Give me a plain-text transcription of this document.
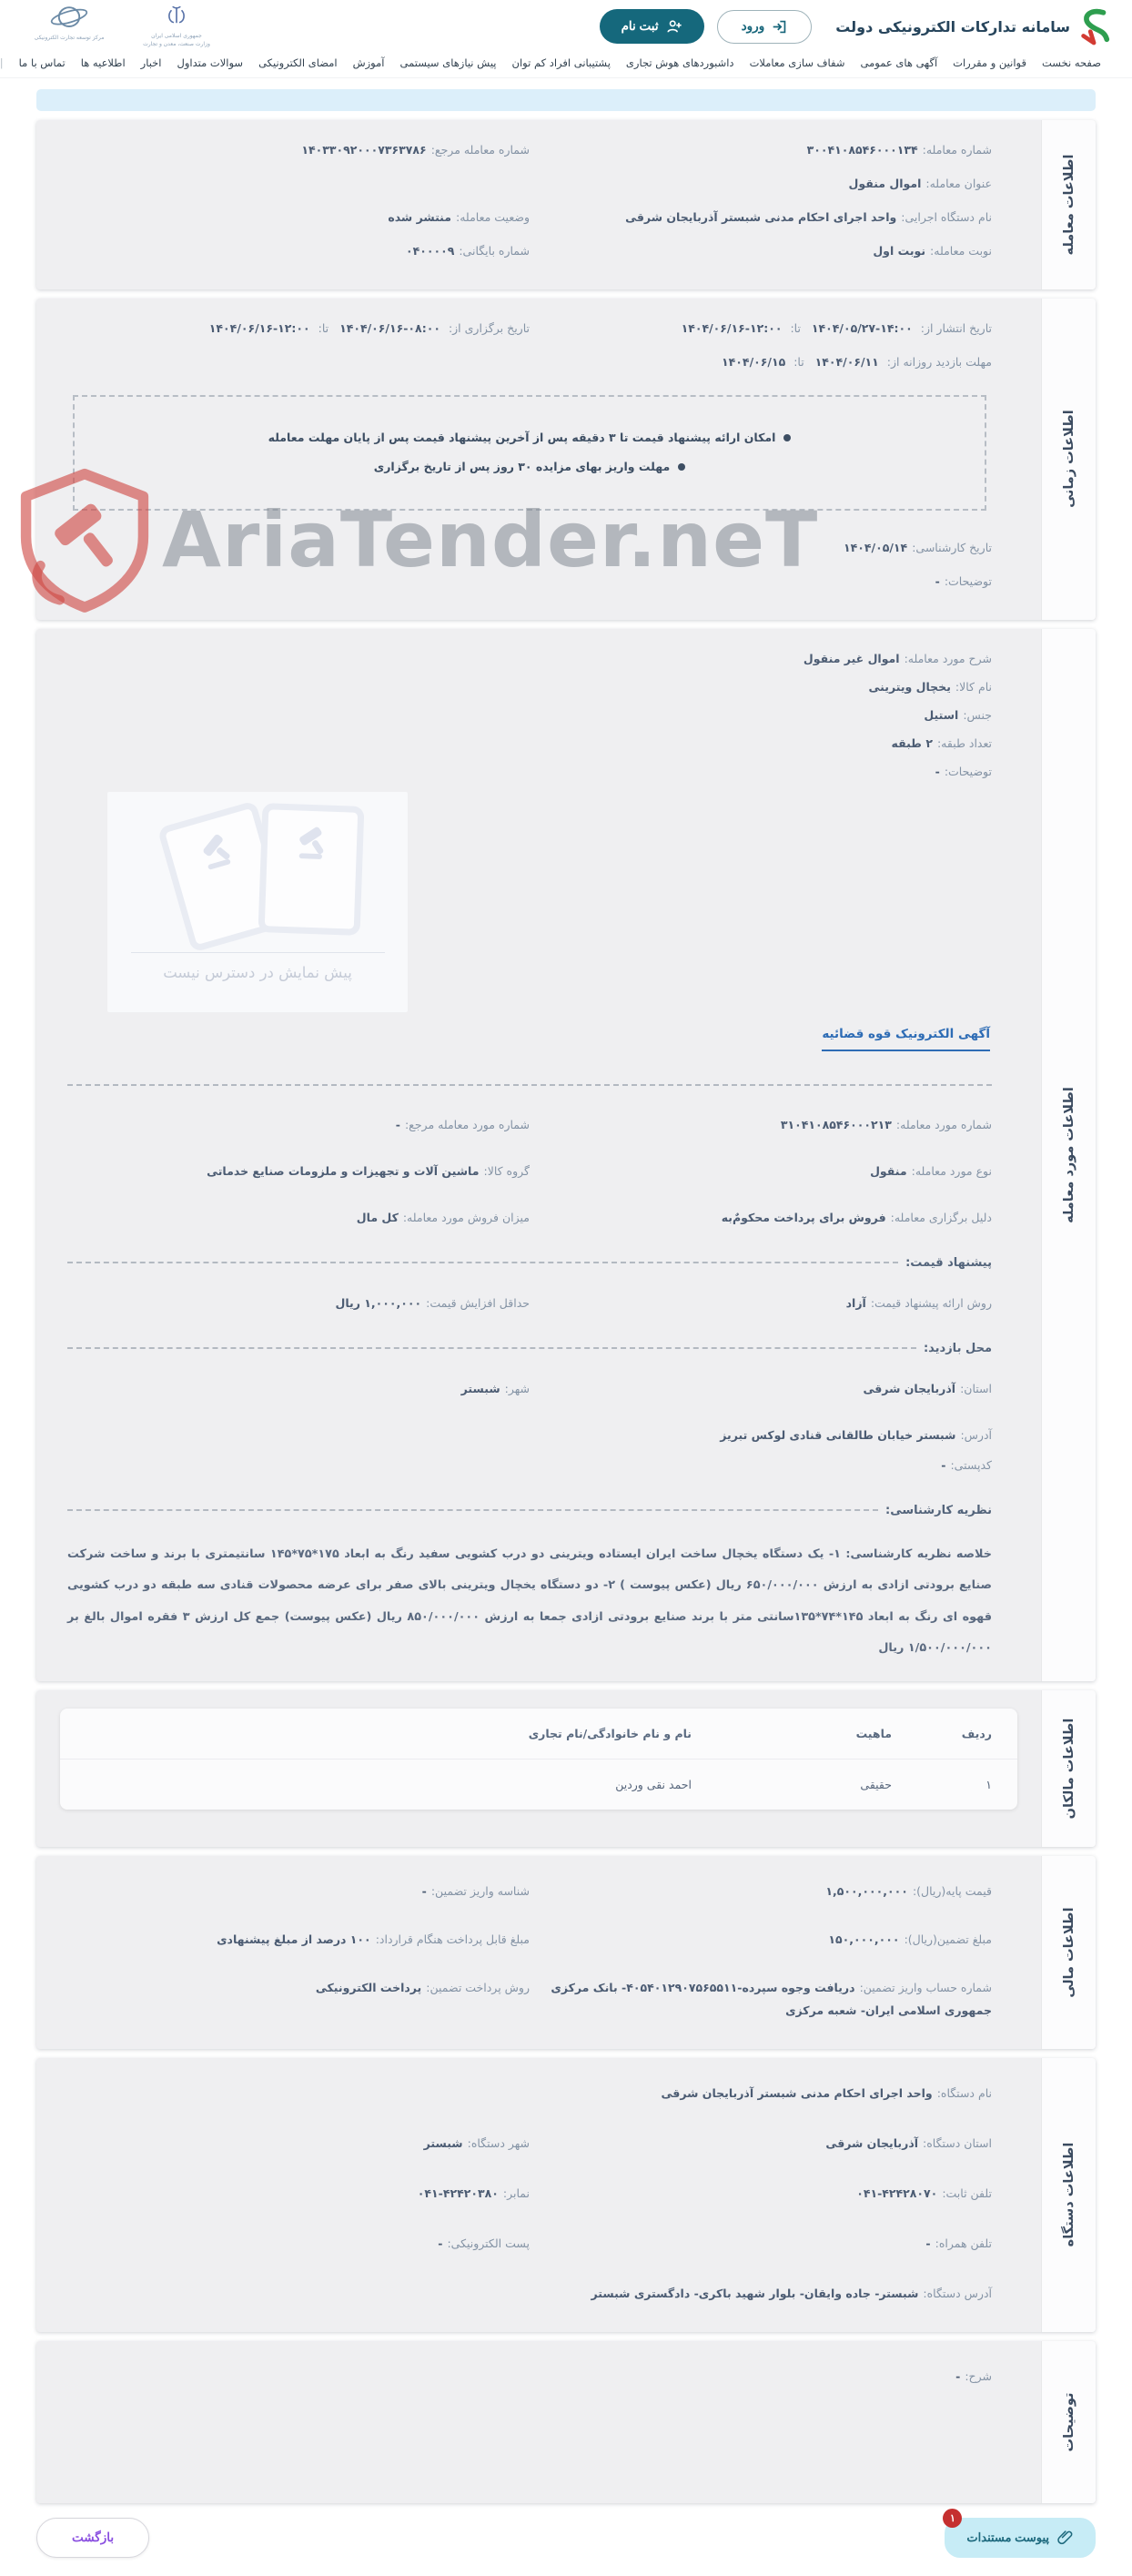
AriaTender.neT
سامانه تدارکات الکترونیکی دولت
ورود
ثبت نام
جمهوری اسلامی ایران
وزارت صنعت، معدن و تجارت
مرکز توسعه تجارت الکترونیکی
صفحه نخست
قوانین و مقررات
آگهی های عمومی
شفاف سازی معاملات
داشبوردهای هوش تجاری
پشتیبانی افراد کم توان
پیش نیازهای سیستمی
آموزش
امضای الکترونیکی
سوالات متداول
اخبار
اطلاعیه ها
تماس با ما
|
اطلاعات معامله
شماره معامله:۳۰۰۴۱۰۸۵۴۶۰۰۰۱۳۴
شماره معامله مرجع:۱۴۰۳۳۰۹۲۰۰۰۷۳۶۳۷۸۶
عنوان معامله:اموال منقول
نام دستگاه اجرایی:واحد اجرای احکام مدنی شبستر آذربایجان شرقی
وضعیت معامله:منتشر شده
نوبت معامله:نوبت اول
شماره بایگانی:۰۴۰۰۰۰۹
اطلاعات زمانی
تاریخ انتشار از: ۱۴۰۴/۰۵/۲۷-۱۴:۰۰   تا: ۱۴۰۴/۰۶/۱۶-۱۲:۰۰
تاریخ برگزاری از: ۱۴۰۴/۰۶/۱۶-۰۸:۰۰   تا: ۱۴۰۴/۰۶/۱۶-۱۲:۰۰
مهلت بازدید روزانه از: ۱۴۰۴/۰۶/۱۱   تا: ۱۴۰۴/۰۶/۱۵
امکان ارائه پیشنهاد قیمت تا ۳ دقیقه پس از آخرین پیشنهاد قیمت پس از پایان مهلت معامله
مهلت واریز بهای مزایده ۳۰ روز پس از تاریخ برگزاری
تاریخ کارشناسی:۱۴۰۴/۰۵/۱۴
توضیحات:-
اطلاعات مورد معامله
شرح مورد معامله:اموال غیر منقول
نام کالا:یخچال ویترینی
جنس:استیل
تعداد طبقه:۲ طبقه
توضیحات:-
پیش نمایش در دسترس نیست
آگهی الکترونیک قوه قضائیه
شماره مورد معامله:۳۱۰۴۱۰۸۵۴۶۰۰۰۲۱۳
شماره مورد معامله مرجع:-
نوع مورد معامله:منقول
گروه کالا:ماشین آلات و تجهیزات و ملزومات صنایع خدماتی
دلیل برگزاری معامله:فروش برای پرداخت محکومٌ‌به
میزان فروش مورد معامله:کل مال
پیشنهاد قیمت:
روش ارائه پیشنهاد قیمت:آزاد
حداقل افزایش قیمت:۱,۰۰۰,۰۰۰ ریال
محل بازدید:
استان:آذربایجان شرقی
شهر:شبستر
آدرس:شبستر خیابان طالقانی قنادی لوکس تبریز
کدپستی:-
نظریه کارشناسی:

خلاصه نظریه کارشناسی: ۱- یک دستگاه یخچال ساخت ایران ایستاده ویترینی دو درب کشویی سفید رنگ به ابعاد ۱۷۵*۷۵*۱۴۵ سانتیمتری با برند و ساخت شرکت صنایع برودتی ازادی به ارزش ۶۵۰/۰۰۰/۰۰۰ ریال (عکس پیوست ) ۲- دو دستگاه یخچال ویترینی بالای صفر برای عرضه محصولات قنادی سه طبقه دو درب کشویی قهوه ای رنگ به ابعاد ۱۴۵*۷۴*۱۳۵سانتی متر با برند صنایع برودتی ازادی جمعا به ارزش ۸۵۰/۰۰۰/۰۰۰ ریال (عکس پیوست) جمع کل ارزش ۳ فقره اموال بالغ بر ۱/۵۰۰/۰۰۰/۰۰۰ ریال

اطلاعات مالکان
ردیف
ماهیت
نام و نام خانوادگی/نام تجاری
۱
حقیقی
احمد نقی وردین
اطلاعات مالی
قیمت پایه(ریال):۱,۵۰۰,۰۰۰,۰۰۰
شناسه واریز تضمین:-
مبلغ تضمین(ریال):۱۵۰,۰۰۰,۰۰۰
مبلغ قابل پرداخت هنگام قرارداد:۱۰۰ درصد از مبلغ پیشنهادی
شماره حساب واریز تضمین:دریافت وجوه سپرده-۴۰۵۴۰۱۲۹۰۷۵۶۵۵۱۱- بانک مرکزی جمهوری اسلامی ایران- شعبه مرکزی
روش پرداخت تضمین:پرداخت الکترونیکی
اطلاعات دستگاه
نام دستگاه:واحد اجرای احکام مدنی شبستر آذربایجان شرقی
استان دستگاه:آذربایجان شرقی
شهر دستگاه:شبستر
تلفن ثابت:۰۴۱-۴۲۴۲۸۰۷۰
نمابر:۰۴۱-۴۲۴۲۰۳۸۰
تلفن همراه:-
پست الکترونیکی:-
آدرس دستگاه:شبستر- جاده وایقان- بلوار شهید باکری- دادگستری شبستر
توضیحات
شرح:-
۱
پیوست مستندات
بازگشت
